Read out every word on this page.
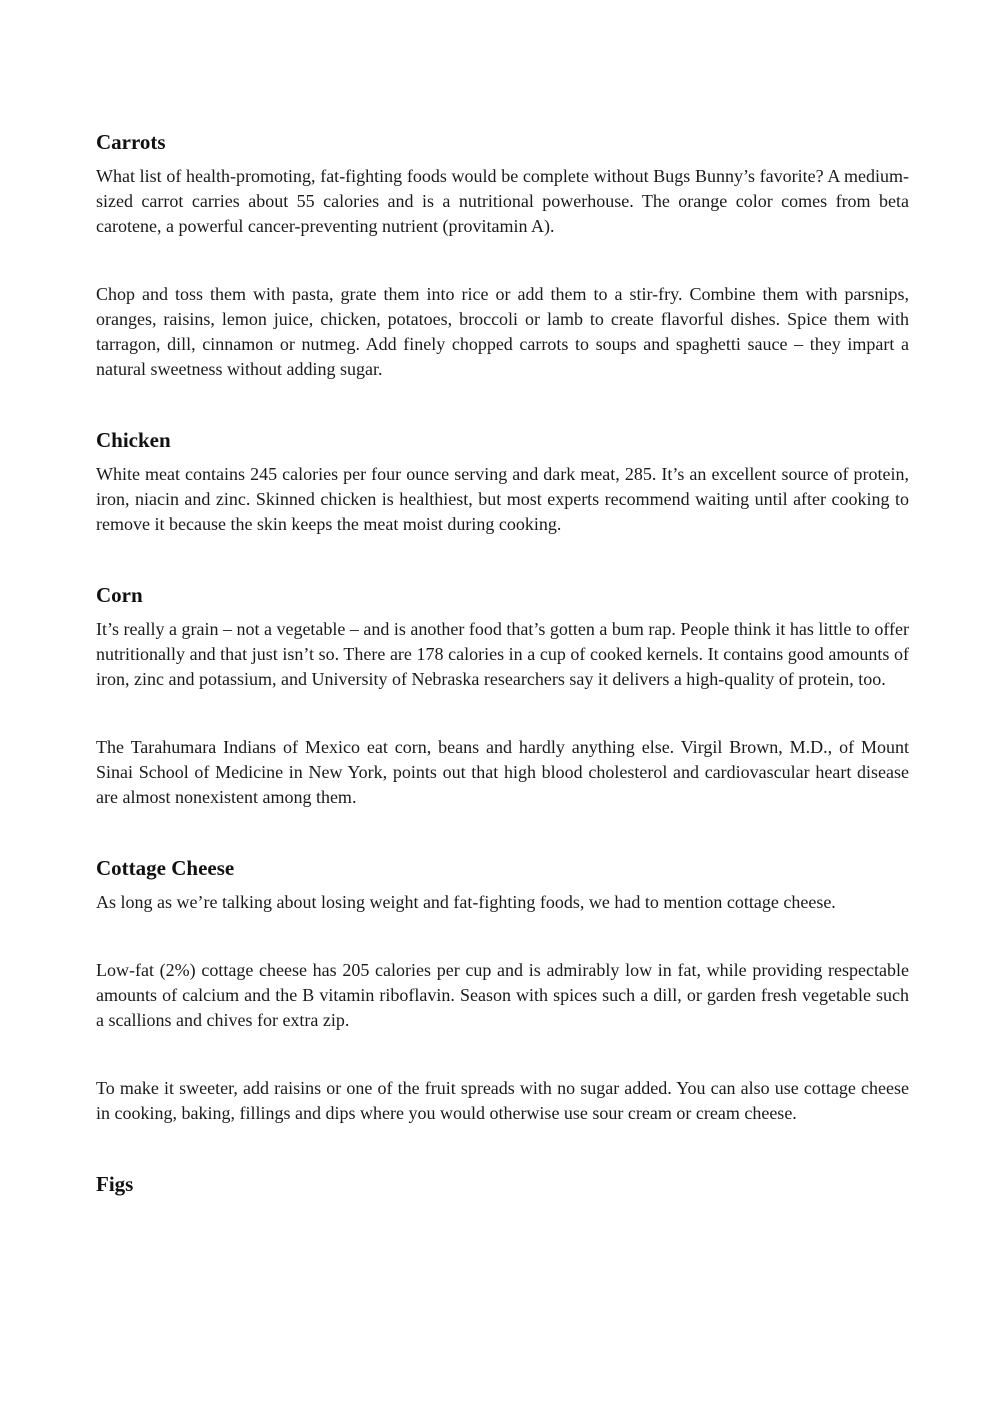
Carrots

What list of health-promoting, fat-fighting foods would be complete without Bugs Bunny’s favorite? A medium-sized carrot carries about 55 calories and is a nutritional powerhouse. The orange color comes from beta carotene, a powerful cancer-preventing nutrient (provitamin A).

Chop and toss them with pasta, grate them into rice or add them to a stir-fry. Combine them with parsnips, oranges, raisins, lemon juice, chicken, potatoes, broccoli or lamb to create flavorful dishes. Spice them with tarragon, dill, cinnamon or nutmeg. Add finely chopped carrots to soups and spaghetti sauce – they impart a natural sweetness without adding sugar.

Chicken

White meat contains 245 calories per four ounce serving and dark meat, 285. It’s an excellent source of protein, iron, niacin and zinc. Skinned chicken is healthiest, but most experts recommend waiting until after cooking to remove it because the skin keeps the meat moist during cooking.

Corn

It’s really a grain – not a vegetable – and is another food that’s gotten a bum rap. People think it has little to offer nutritionally and that just isn’t so. There are 178 calories in a cup of cooked kernels. It contains good amounts of iron, zinc and potassium, and University of Nebraska researchers say it delivers a high-quality of protein, too.

The Tarahumara Indians of Mexico eat corn, beans and hardly anything else. Virgil Brown, M.D., of Mount Sinai School of Medicine in New York, points out that high blood cholesterol and cardiovascular heart disease are almost nonexistent among them.

Cottage Cheese

As long as we’re talking about losing weight and fat-fighting foods, we had to mention cottage cheese.

Low-fat (2%) cottage cheese has 205 calories per cup and is admirably low in fat, while providing respectable amounts of calcium and the B vitamin riboflavin. Season with spices such a dill, or garden fresh vegetable such a scallions and chives for extra zip.

To make it sweeter, add raisins or one of the fruit spreads with no sugar added. You can also use cottage cheese in cooking, baking, fillings and dips where you would otherwise use sour cream or cream cheese.

Figs
